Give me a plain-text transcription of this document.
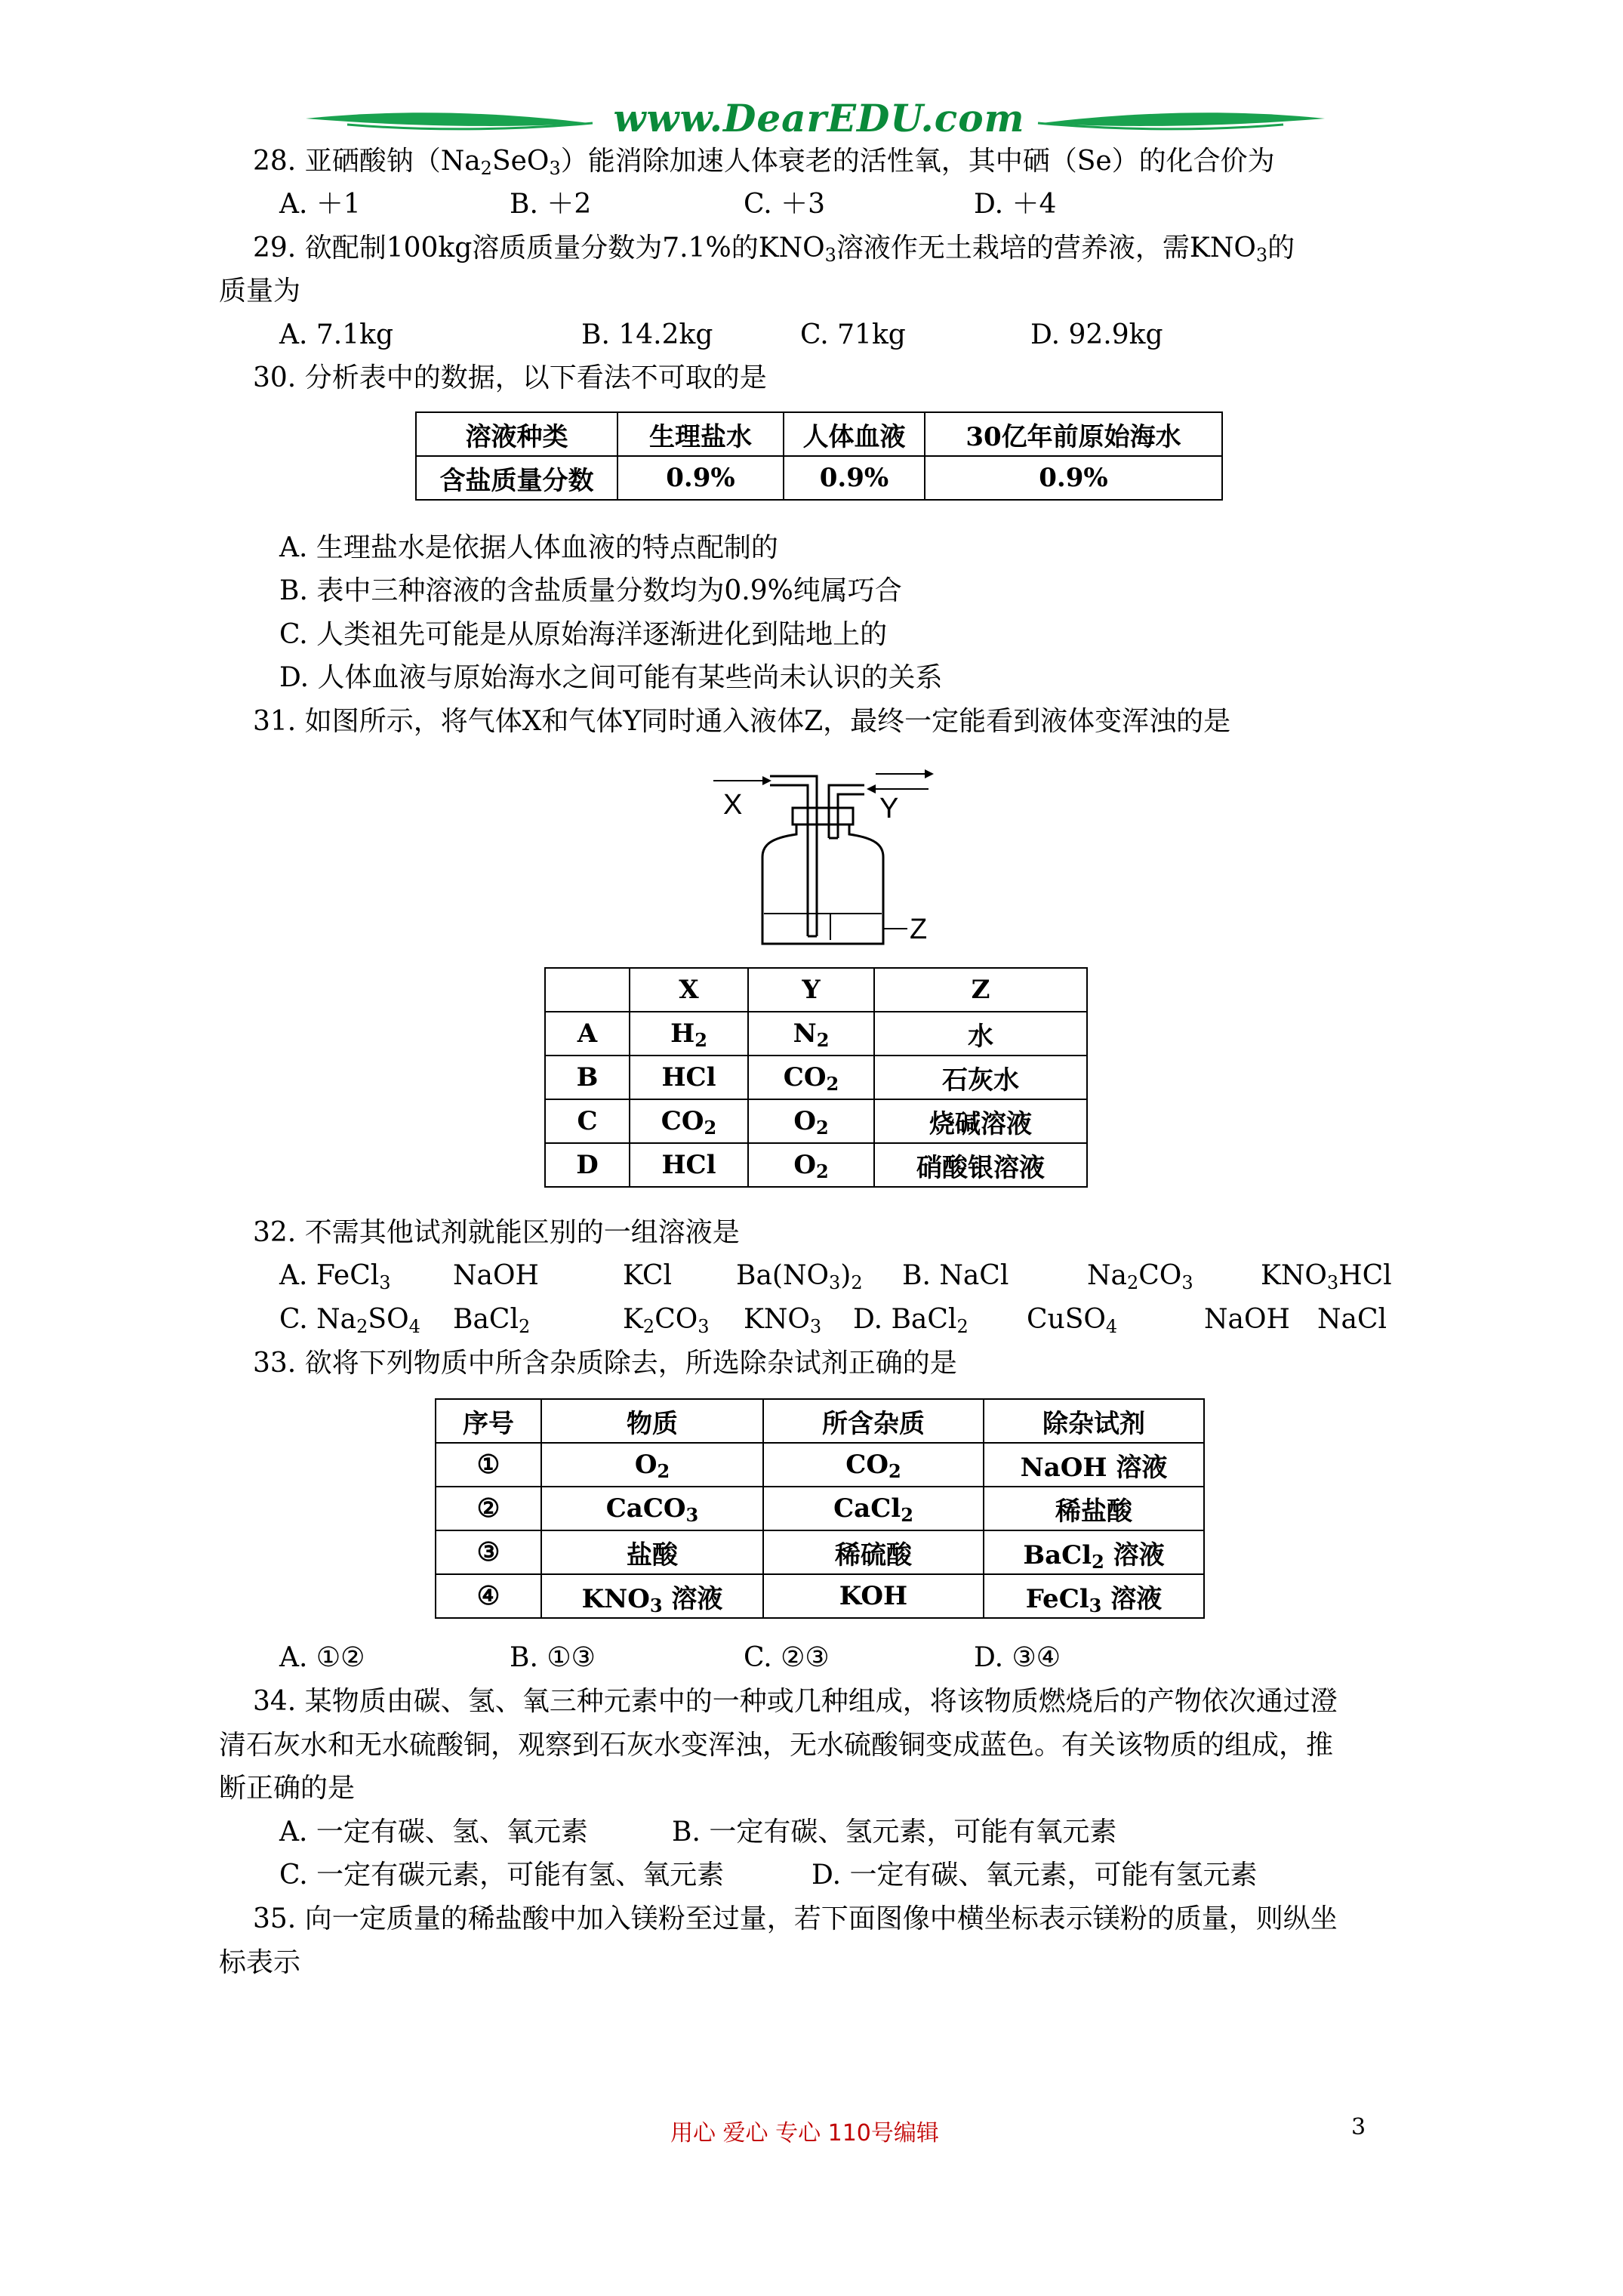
www.DearEDU.com
28. 亚硒酸钠$(Na_2SeO_3)$能消除加速人体衰老的活性氧，其中硒（Se）的化合价为
A. ＋1	B. ＋2	C. ＋3	D. ＋4
29. 欲配制100kg溶质质量分数为7.1%的$KNO_3$溶液作无土栽培的营养液，需$KNO_3$的
质量为
A. 7.1kg	B. 14.2kg	C. 71kg	D. 92.9kg
30. 分析表中的数据，以下看法不可取的是
溶液种类	生理盐水	人体血液	30亿年前原始海水
含盐质量分数	0.9%	0.9%	0.9%
A. 生理盐水是依据人体血液的特点配制的
B. 表中三种溶液的含盐质量分数均为0.9%纯属巧合
C. 人类祖先可能是从原始海洋逐渐进化到陆地上的
D. 人体血液与原始海水之间可能有某些尚未认识的关系
31. 如图所示，将气体X和气体Y同时通入液体Z，最终一定能看到液体变浑浊的是
X	Y
Z
	X	Y	Z
A	$H_2$	$N_2$	水
B	HCl	$CO_2$	石灰水
C	$CO_2$	$O_2$	烧碱溶液
D	HCl	$O_2$	硝酸银溶液
32. 不需其他试剂就能区别的一组溶液是
A. FeCl$_3$ NaOH	KCl $Ba(NO_3)_2$ B. NaCl	$Na_2CO_3$ $KNO_3HCl$
C. $Na_2SO_4$ BaCl$_2$	$K_2CO_3$ $KNO_3$ D. BaCl$_2$ CuSO$_4$	NaOH NaCl
33. 欲将下列物质中所含杂质除去，所选除杂试剂正确的是
序号	物质	所含杂质	除杂试剂
①	$O_2$	$CO_2$	NaOH 溶液
②	CaCO$_3$	CaCl$_2$	稀盐酸
③	盐酸	稀硫酸	BaCl$_2$ 溶液
④	$KNO_3$ 溶液	KOH	FeCl$_3$ 溶液
A. ①②	B. ①③	C. ②③	D. ③④
34. 某物质由碳、氢、氧三种元素中的一种或几种组成，将该物质燃烧后的产物依次通过澄
清石灰水和无水硫酸铜，观察到石灰水变浑浊，无水硫酸铜变成蓝色。有关该物质的组成，推
断正确的是
A. 一定有碳、氢、氧元素	B. 一定有碳、氢元素，可能有氧元素
C. 一定有碳元素，可能有氢、氧元素	D. 一定有碳、氧元素，可能有氢元素
35. 向一定质量的稀盐酸中加入镁粉至过量，若下面图像中横坐标表示镁粉的质量，则纵坐
标表示
用心 爱心 专心 110号编辑	3
